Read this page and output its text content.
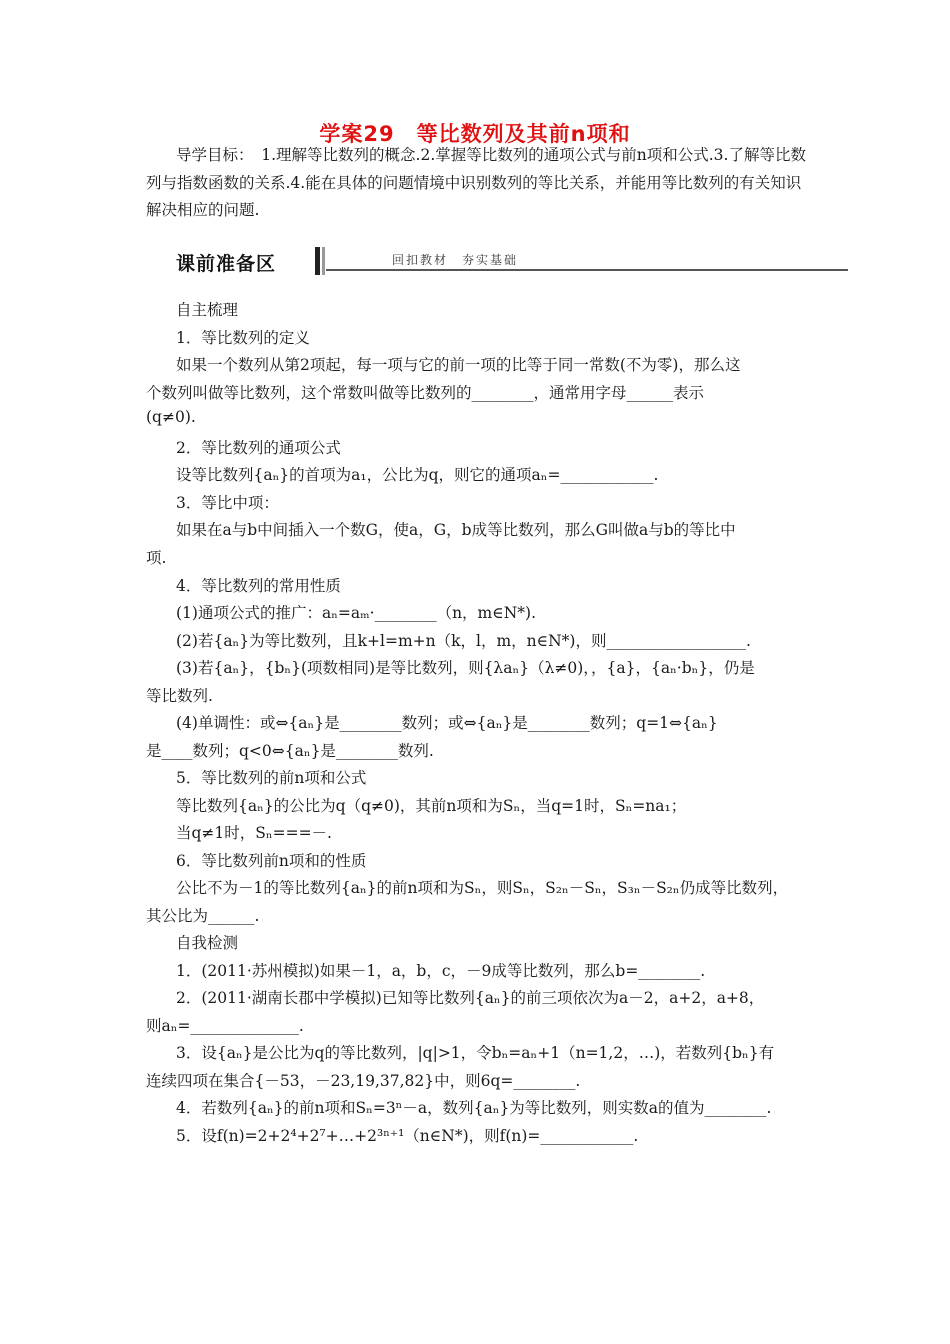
学案29　等比数列及其前n项和
导学目标：　1.理解等比数列的概念.2.掌握等比数列的通项公式与前n项和公式.3.了解等比数列与指数函数的关系.4.能在具体的问题情境中识别数列的等比关系，并能用等比数列的有关知识解决相应的问题.
课前准备区	回扣教材　夯实基础
自主梳理
1．等比数列的定义
如果一个数列从第2项起，每一项与它的前一项的比等于同一常数(不为零)，那么这
个数列叫做等比数列，这个常数叫做等比数列的________，通常用字母______表示
(q≠0).
2．等比数列的通项公式
设等比数列{aₙ}的首项为a₁，公比为q，则它的通项aₙ=____________.
3．等比中项：
如果在a与b中间插入一个数G，使a，G，b成等比数列，那么G叫做a与b的等比中
项.
4．等比数列的常用性质
(1)通项公式的推广：aₙ=aₘ·________（n，m∈N*).
(2)若{aₙ}为等比数列，且k+l=m+n（k，l，m，n∈N*)，则__________________.
(3)若{aₙ}，{bₙ}(项数相同)是等比数列，则{λaₙ}（λ≠0)，，{a}，{aₙ·bₙ}，仍是
等比数列.
(4)单调性：或⇔{aₙ}是________数列；或⇔{aₙ}是________数列；q=1⇔{aₙ}
是____数列；q<0⇔{aₙ}是________数列.
5．等比数列的前n项和公式
等比数列{aₙ}的公比为q（q≠0)，其前n项和为Sₙ，当q=1时，Sₙ=na₁；
当q≠1时，Sₙ===－.
6．等比数列前n项和的性质
公比不为－1的等比数列{aₙ}的前n项和为Sₙ，则Sₙ，S₂ₙ－Sₙ，S₃ₙ－S₂ₙ仍成等比数列，
其公比为______.
自我检测
1．(2011·苏州模拟)如果－1，a，b，c，－9成等比数列，那么b=________.
2．(2011·湖南长郡中学模拟)已知等比数列{aₙ}的前三项依次为a－2，a+2，a+8，
则aₙ=______________.
3．设{aₙ}是公比为q的等比数列，|q|>1，令bₙ=aₙ+1（n=1,2，…)，若数列{bₙ}有
连续四项在集合{－53，－23,19,37,82}中，则6q=________.
4．若数列{aₙ}的前n项和Sₙ=3ⁿ－a，数列{aₙ}为等比数列，则实数a的值为________.
5．设f(n)=2+2⁴+2⁷+…+2³ⁿ⁺¹（n∈N*)，则f(n)=____________.
